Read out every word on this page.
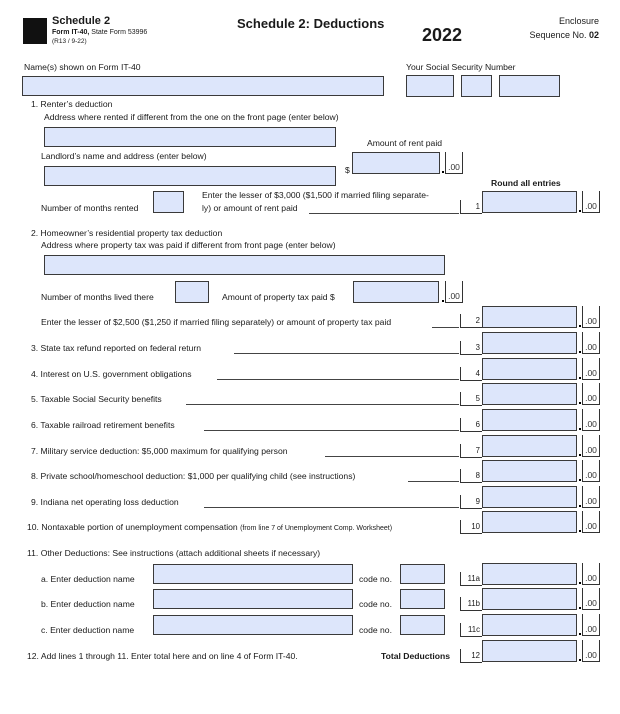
Schedule 2
Form IT-40, State Form 53996
(R13 / 9-22)
Schedule 2: Deductions
2022
Enclosure
Sequence No. 02
Name(s) shown on Form IT-40	Your Social Security Number
1. Renter’s deduction
Address where rented if different from the one on the front page (enter below)
Amount of rent paid
Landlord’s name and address (enter below)
$	.00
Round all entries
Number of months rented
Enter the lesser of $3,000 ($1,500 if married filing separate-
ly) or amount of rent paid	1	.00
2. Homeowner’s residential property tax deduction
Address where property tax was paid if different from front page (enter below)
Number of months lived there	Amount of property tax paid $	.00
Enter the lesser of $2,500 ($1,250 if married filing separately) or amount of property tax paid	2	.00
3. State tax refund reported on federal return	3	.00
4. Interest on U.S. government obligations	4	.00
5. Taxable Social Security benefits	5	.00
6. Taxable railroad retirement benefits	6	.00
7. Military service deduction: $5,000 maximum for qualifying person	7	.00
8. Private school/homeschool deduction: $1,000 per qualifying child (see instructions)	8	.00
9. Indiana net operating loss deduction	9	.00
10. Nontaxable portion of unemployment compensation (from line 7 of Unemployment Comp. Worksheet)	10	.00
11. Other Deductions: See instructions (attach additional sheets if necessary)
a. Enter deduction name	code no.	11a	.00
b. Enter deduction name	code no.	11b	.00
c. Enter deduction name	code no.	11c	.00
12. Add lines 1 through 11. Enter total here and on line 4 of Form IT-40.	Total Deductions	12	.00
